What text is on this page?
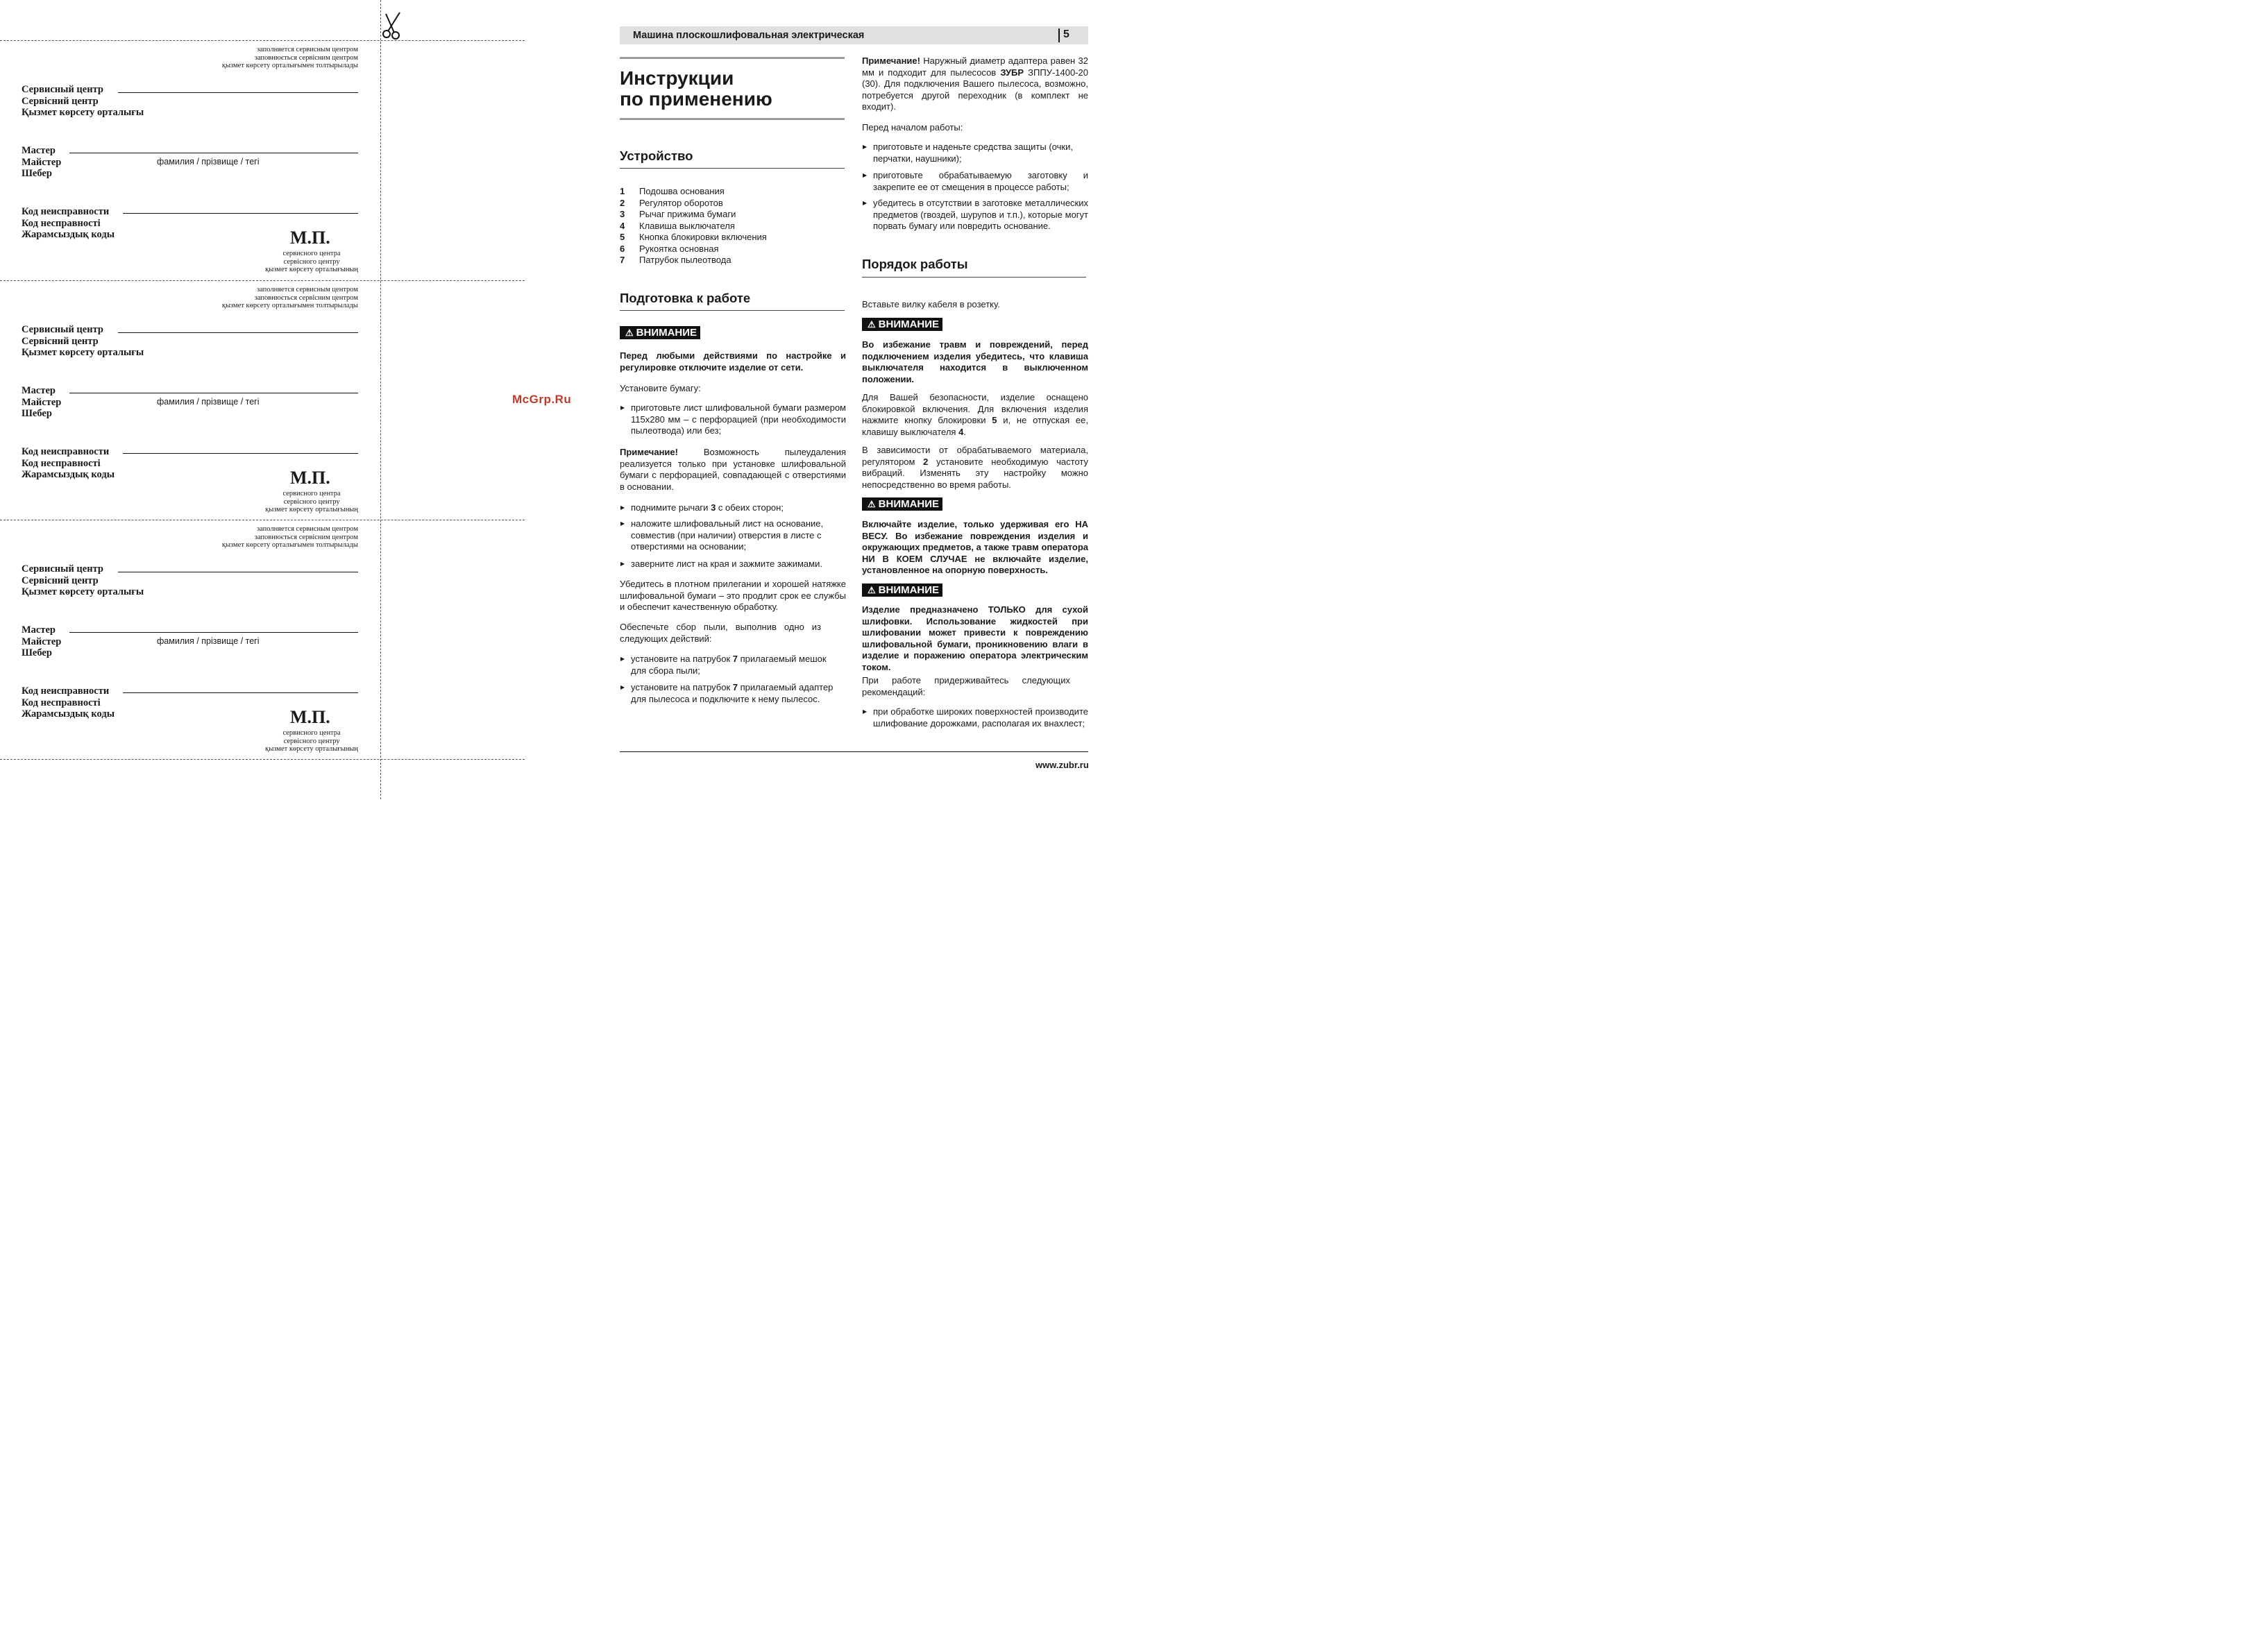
заполняется сервисным центром
заповнюється сервісним центром
қызмет көрсету орталығымен толтырылады
Сервисный центр
Сервісний центр
Қызмет көрсету орталығы
Мастер
Майстер
Шебер
фамилия / прізвище / тегі
Код неисправности
Код несправності
Жарамсыздық коды	М.П.
сервисного центра
сервісного центру
қызмет көрсету орталығының
заполняется сервисным центром
заповнюється сервісним центром
қызмет көрсету орталығымен толтырылады
Сервисный центр
Сервісний центр
Қызмет көрсету орталығы
Мастер
Майстер
Шебер
фамилия / прізвище / тегі
Код неисправности
Код несправності
Жарамсыздық коды	М.П.
сервисного центра
сервісного центру
қызмет көрсету орталығының
заполняется сервисным центром
заповнюється сервісним центром
қызмет көрсету орталығымен толтырылады
Сервисный центр
Сервісний центр
Қызмет көрсету орталығы
Мастер
Майстер
Шебер
фамилия / прізвище / тегі
Код неисправности
Код несправності
Жарамсыздық коды	М.П.
сервисного центра
сервісного центру
қызмет көрсету орталығының
McGrp.Ru
Машина плоскошлифовальная электрическая	5
Инструкции
по применению
Устройство
1 Подошва основания
2 Регулятор оборотов
3 Рычаг прижима бумаги
4 Клавиша выключателя
5 Кнопка блокировки включения
6 Рукоятка основная
7 Патрубок пылеотвода
Подготовка к работе
⚠ ВНИМАНИЕ
Перед любыми действиями по настройке и регулировке отключите изделие от сети.
Установите бумагу:
▶ приготовьте лист шлифовальной бумаги размером 115x280 мм – с перфорацией (при необходимости пылеотвода) или без;
Примечание!	Возможность пылеудаления реализуется только при установке шлифовальной бумаги с перфорацией, совпадающей с отверстиями в основании.
▶ поднимите рычаги 3 с обеих сторон;
▶ наложите шлифовальный лист на основание, совместив (при наличии) отверстия в листе с отверстиями на основании;
▶ заверните лист на края и зажмите зажимами.
Убедитесь в плотном прилегании и хорошей натяжке шлифовальной бумаги – это продлит срок ее службы и обеспечит качественную обработку.
Обеспечьте сбор пыли, выполнив одно из следующих действий:
▶ установите на патрубок 7 прилагаемый мешок для сбора пыли;
▶ установите на патрубок 7 прилагаемый адаптер для пылесоса и подключите к нему пылесос.
Примечание! Наружный диаметр адаптера равен 32 мм и подходит для пылесосов ЗУБР ЗППУ-1400-20 (30). Для подключения Вашего пылесоса, возможно, потребуется другой переходник (в комплект не входит).
Перед началом работы:
▶ приготовьте и наденьте средства защиты (очки, перчатки, наушники);
▶ приготовьте обрабатываемую заготовку и закрепите ее от смещения в процессе работы;
▶ убедитесь в отсутствии в заготовке металлических предметов (гвоздей, шурупов и т.п.), которые могут порвать бумагу или повредить основание.
Порядок работы
Вставьте вилку кабеля в розетку.
⚠ ВНИМАНИЕ
Во избежание травм и повреждений, перед подключением изделия убедитесь, что клавиша выключателя находится в выключенном положении.
Для Вашей безопасности, изделие оснащено блокировкой включения. Для включения изделия нажмите кнопку блокировки 5 и, не отпуская ее, клавишу выключателя 4.
В зависимости от обрабатываемого материала, регулятором 2 установите необходимую частоту вибраций. Изменять эту настройку можно непосредственно во время работы.
⚠ ВНИМАНИЕ
Включайте изделие, только удерживая его НА ВЕСУ. Во избежание повреждения изделия и окружающих предметов, а также травм оператора НИ В КОЕМ СЛУЧАЕ не включайте изделие, установленное на опорную поверхность.
⚠ ВНИМАНИЕ
Изделие предназначено ТОЛЬКО для сухой шлифовки. Использование жидкостей при шлифовании может привести к повреждению шлифовальной бумаги, проникновению влаги в изделие и поражению оператора электрическим током.
При работе придерживайтесь следующих рекомендаций:
▶ при обработке широких поверхностей производите шлифование дорожками, располагая их внахлест;
www.zubr.ru
